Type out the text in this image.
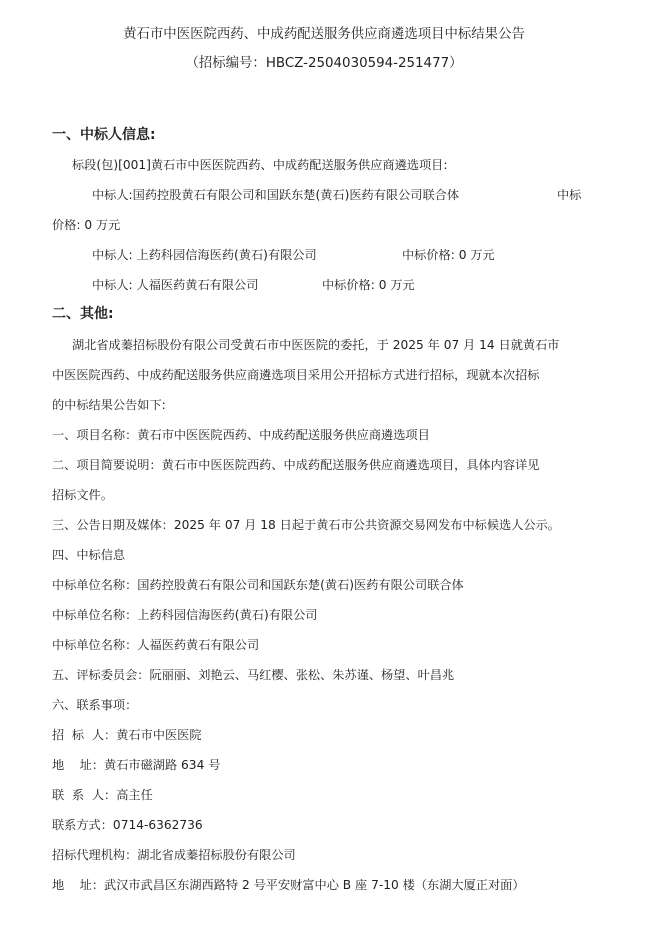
黄石市中医医院西药、中成药配送服务供应商遴选项目中标结果公告
（招标编号：HBCZ-2504030594-251477）
一、中标人信息:
标段(包)[001]黄石市中医医院西药、中成药配送服务供应商遴选项目:
中标人:国药控股黄石有限公司和国跃东楚(黄石)医药有限公司联合体	中标
价格: 0 万元
中标人: 上药科园信海医药(黄石)有限公司	中标价格: 0 万元
中标人: 人福医药黄石有限公司	中标价格: 0 万元
二、其他:
湖北省成蓁招标股份有限公司受黄石市中医医院的委托，于 2025 年 07 月 14 日就黄石市
中医医院西药、中成药配送服务供应商遴选项目采用公开招标方式进行招标，现就本次招标
的中标结果公告如下:
一、项目名称：黄石市中医医院西药、中成药配送服务供应商遴选项目
二、项目简要说明：黄石市中医医院西药、中成药配送服务供应商遴选项目，具体内容详见
招标文件。
三、公告日期及媒体：2025 年 07 月 18 日起于黄石市公共资源交易网发布中标候选人公示。
四、中标信息
中标单位名称：国药控股黄石有限公司和国跃东楚(黄石)医药有限公司联合体
中标单位名称：上药科园信海医药(黄石)有限公司
中标单位名称：人福医药黄石有限公司
五、评标委员会：阮丽丽、刘艳云、马红樱、张松、朱苏谨、杨望、叶昌兆
六、联系事项：
招  标  人：黄石市中医医院
地    址：黄石市磁湖路 634 号
联  系  人：高主任
联系方式：0714-6362736
招标代理机构：湖北省成蓁招标股份有限公司
地    址：武汉市武昌区东湖西路特 2 号平安财富中心 B 座 7-10 楼（东湖大厦正对面）
